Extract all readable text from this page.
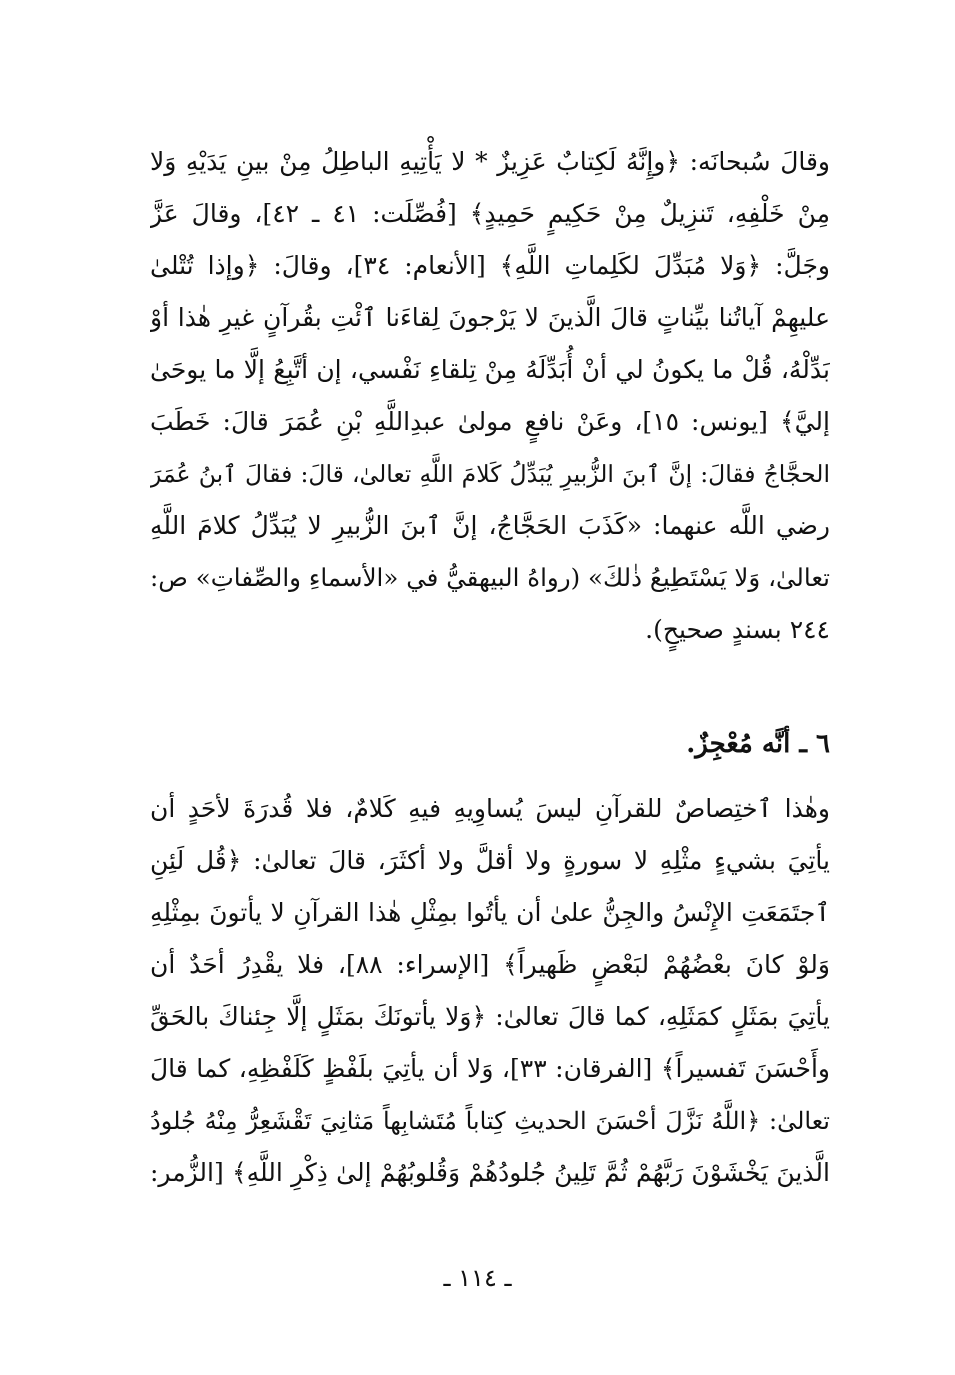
وقالَ سُبحانَه: ﴿وإِنَّهُ لَكِتابٌ عَزِيزٌ * لا يَأْتِيهِ الباطِلُ مِنْ بينِ يَدَيْهِ وَلا
مِنْ خَلْفِهِ، تَنزِيلٌ مِنْ حَكِيمٍ حَمِيدٍ﴾ [فُصِّلَت: ٤١ ـ ٤٢]، وقالَ عَزَّ
وجَلَّ: ﴿وَلا مُبَدِّلَ لكَلِماتِ اللَّهِ﴾ [الأنعام: ٣٤]، وقالَ: ﴿وإذا تُتْلىٰ
عليهِمْ آياتُنا بيِّناتٍ قالَ الَّذينَ لا يَرْجونَ لِقاءَنا ٱئْتِ بقُرآنٍ غيرِ هٰذا أوْ
بَدِّلْهُ، قُلْ ما يكونُ لي أنْ أُبَدِّلَهُ مِنْ تِلقاءِ نَفْسي، إن أتَّبِعُ إلَّا ما يوحَىٰ
إليَّ﴾ [يونس: ١٥]، وعَنْ نافعٍ مولىٰ عبدِاللَّهِ بْنِ عُمَرَ قالَ: خَطَبَ
الحجَّاجُ فقالَ: إنَّ ٱبنَ الزُّبيرِ يُبَدِّلُ كَلامَ اللَّهِ تعالىٰ، قالَ: فقالَ ٱبنُ عُمَرَ
رضي اللَّه عنهما: «كَذَبَ الحَجَّاجُ، إنَّ ٱبنَ الزُّبيرِ لا يُبَدِّلُ كلامَ اللَّهِ
تعالىٰ، وَلا يَسْتَطِيعُ ذٰلكَ» (رواهُ البيهقيُّ في «الأسماءِ والصِّفاتِ» ص:
٢٤٤ بسندٍ صحيحٍ).
٦ ـ أنَّه مُعْجِزٌ.
وهٰذا ٱختِصاصٌ للقرآنِ ليسَ يُساوِيهِ فيهِ كَلامٌ، فلا قُدرَةَ لأحَدٍ أن
يأتِيَ بشيءٍ مثْلِهِ لا سورةٍ ولا أقلَّ ولا أكثَرَ، قالَ تعالىٰ: ﴿قُل لَئِنِ
ٱجتَمَعَتِ الإِنْسُ والجِنُّ علىٰ أن يأتُوا بمِثْلِ هٰذا القرآنِ لا يأتونَ بمِثْلِهِ
وَلوْ كانَ بعْضُهُمْ لبَعْضٍ ظَهيراً﴾ [الإسراء: ٨٨]، فلا يقْدِرُ أحَدٌ أن
يأتِيَ بمَثَلٍ كمَثَلِهِ، كما قالَ تعالىٰ: ﴿وَلا يأتونَكَ بمَثَلٍ إلَّا جِئناكَ بالحَقِّ
وأَحْسَنَ تَفسيراً﴾ [الفرقان: ٣٣]، وَلا أن يأتِيَ بلَفْظٍ كَلَفْظِهِ، كما قالَ
تعالىٰ: ﴿اللَّهُ نَزَّلَ أحْسَنَ الحديثِ كِتاباً مُتَشابِهاً مَثانِيَ تَقْشَعِرُّ مِنْهُ جُلودُ
الَّذينَ يَخْشَوْنَ رَبَّهُمْ ثُمَّ تَلِينُ جُلودُهُمْ وَقُلوبُهُمْ إلىٰ ذِكْرِ اللَّهِ﴾ [الزُّمر:
ـ ١١٤ ـ
